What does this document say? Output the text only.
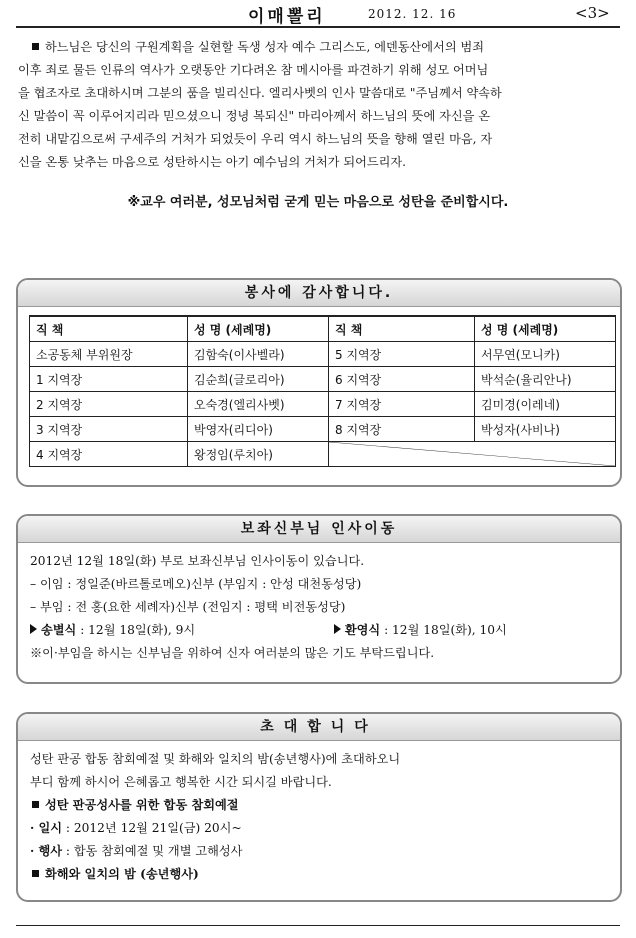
이매뽈리	2012. 12. 16	<3>
하느님은 당신의 구원계획을 실현할 독생 성자 예수 그리스도, 에덴동산에서의 범죄
이후 죄로 물든 인류의 역사가 오랫동안 기다려온 참 메시아를 파견하기 위해 성모 어머님
을 협조자로 초대하시며 그분의 품을 빌리신다. 엘리사벳의 인사 말씀대로 "주님께서 약속하
신 말씀이 꼭 이루어지리라 믿으셨으니 정녕 복되신" 마리아께서 하느님의 뜻에 자신을 온
전히 내맡김으로써 구세주의 거처가 되었듯이 우리 역시 하느님의 뜻을 향해 열린 마음, 자
신을 온통 낮추는 마음으로 성탄하시는 아기 예수님의 거처가 되어드리자.
※교우 여러분, 성모님처럼 굳게 믿는 마음으로 성탄을 준비합시다.
봉사에 감사합니다.
직 책	성 명 (세례명)	직 책	성 명 (세례명)
소공동체 부위원장	김함숙(이사벨라)	5 지역장	서무연(모니카)
1 지역장	김순희(글로리아)	6 지역장	박석순(율리안나)
2 지역장	오숙경(엘리사벳)	7 지역장	김미경(이레네)
3 지역장	박영자(리디아)	8 지역장	박성자(사비나)
4 지역장	왕정임(루치아)	
보좌신부님 인사이동
2012년 12월 18일(화) 부로 보좌신부님 인사이동이 있습니다.
– 이임 : 정일준(바르톨로메오)신부 (부임지 : 안성 대천동성당)
– 부임 : 전 홍(요한 세례자)신부 (전임지 : 평택 비전동성당)
송별식 : 12월 18일(화), 9시	환영식 : 12월 18일(화), 10시
※이·부임을 하시는 신부님을 위하여 신자 여러분의 많은 기도 부탁드립니다.
초대합니다
성탄 판공 합동 참회예절 및 화해와 일치의 밤(송년행사)에 초대하오니
부디 함께 하시어 은혜롭고 행복한 시간 되시길 바랍니다.
성탄 판공성사를 위한 합동 참회예절
· 일시 : 2012년 12월 21일(금) 20시~
· 행사 : 합동 참회예절 및 개별 고해성사
화해와 일치의 밤 (송년행사)
